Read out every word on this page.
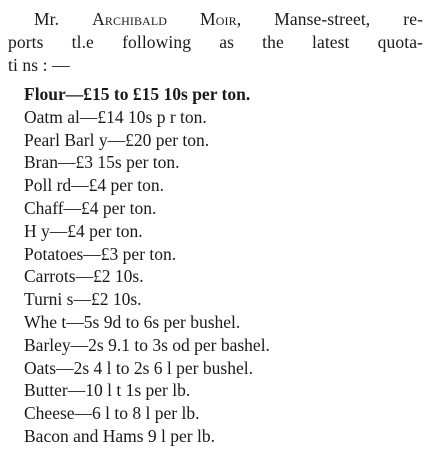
Mr. Archibald Moir, Manse-street, re-
ports tl.e following as the latest quota-
ti ns : —
Flour—£15 to £15 10s per ton.
Oatm al—£14 10s p r ton.
Pearl Barl y—£20 per ton.
Bran—£3 15s per ton.
Poll rd—£4 per ton.
Chaff—£4 per ton.
H y—£4 per ton.
Potatoes—£3 per ton.
Carrots—£2 10s.
Turni s—£2 10s.
Whe t—5s 9d to 6s per bushel.
Barley—2s 9.1 to 3s od per bashel.
Oats—2s 4 l to 2s 6 l per bushel.
Butter—10 l t 1s per lb.
Cheese—6 l to 8 l per lb.
Bacon and Hams 9 l per lb.
